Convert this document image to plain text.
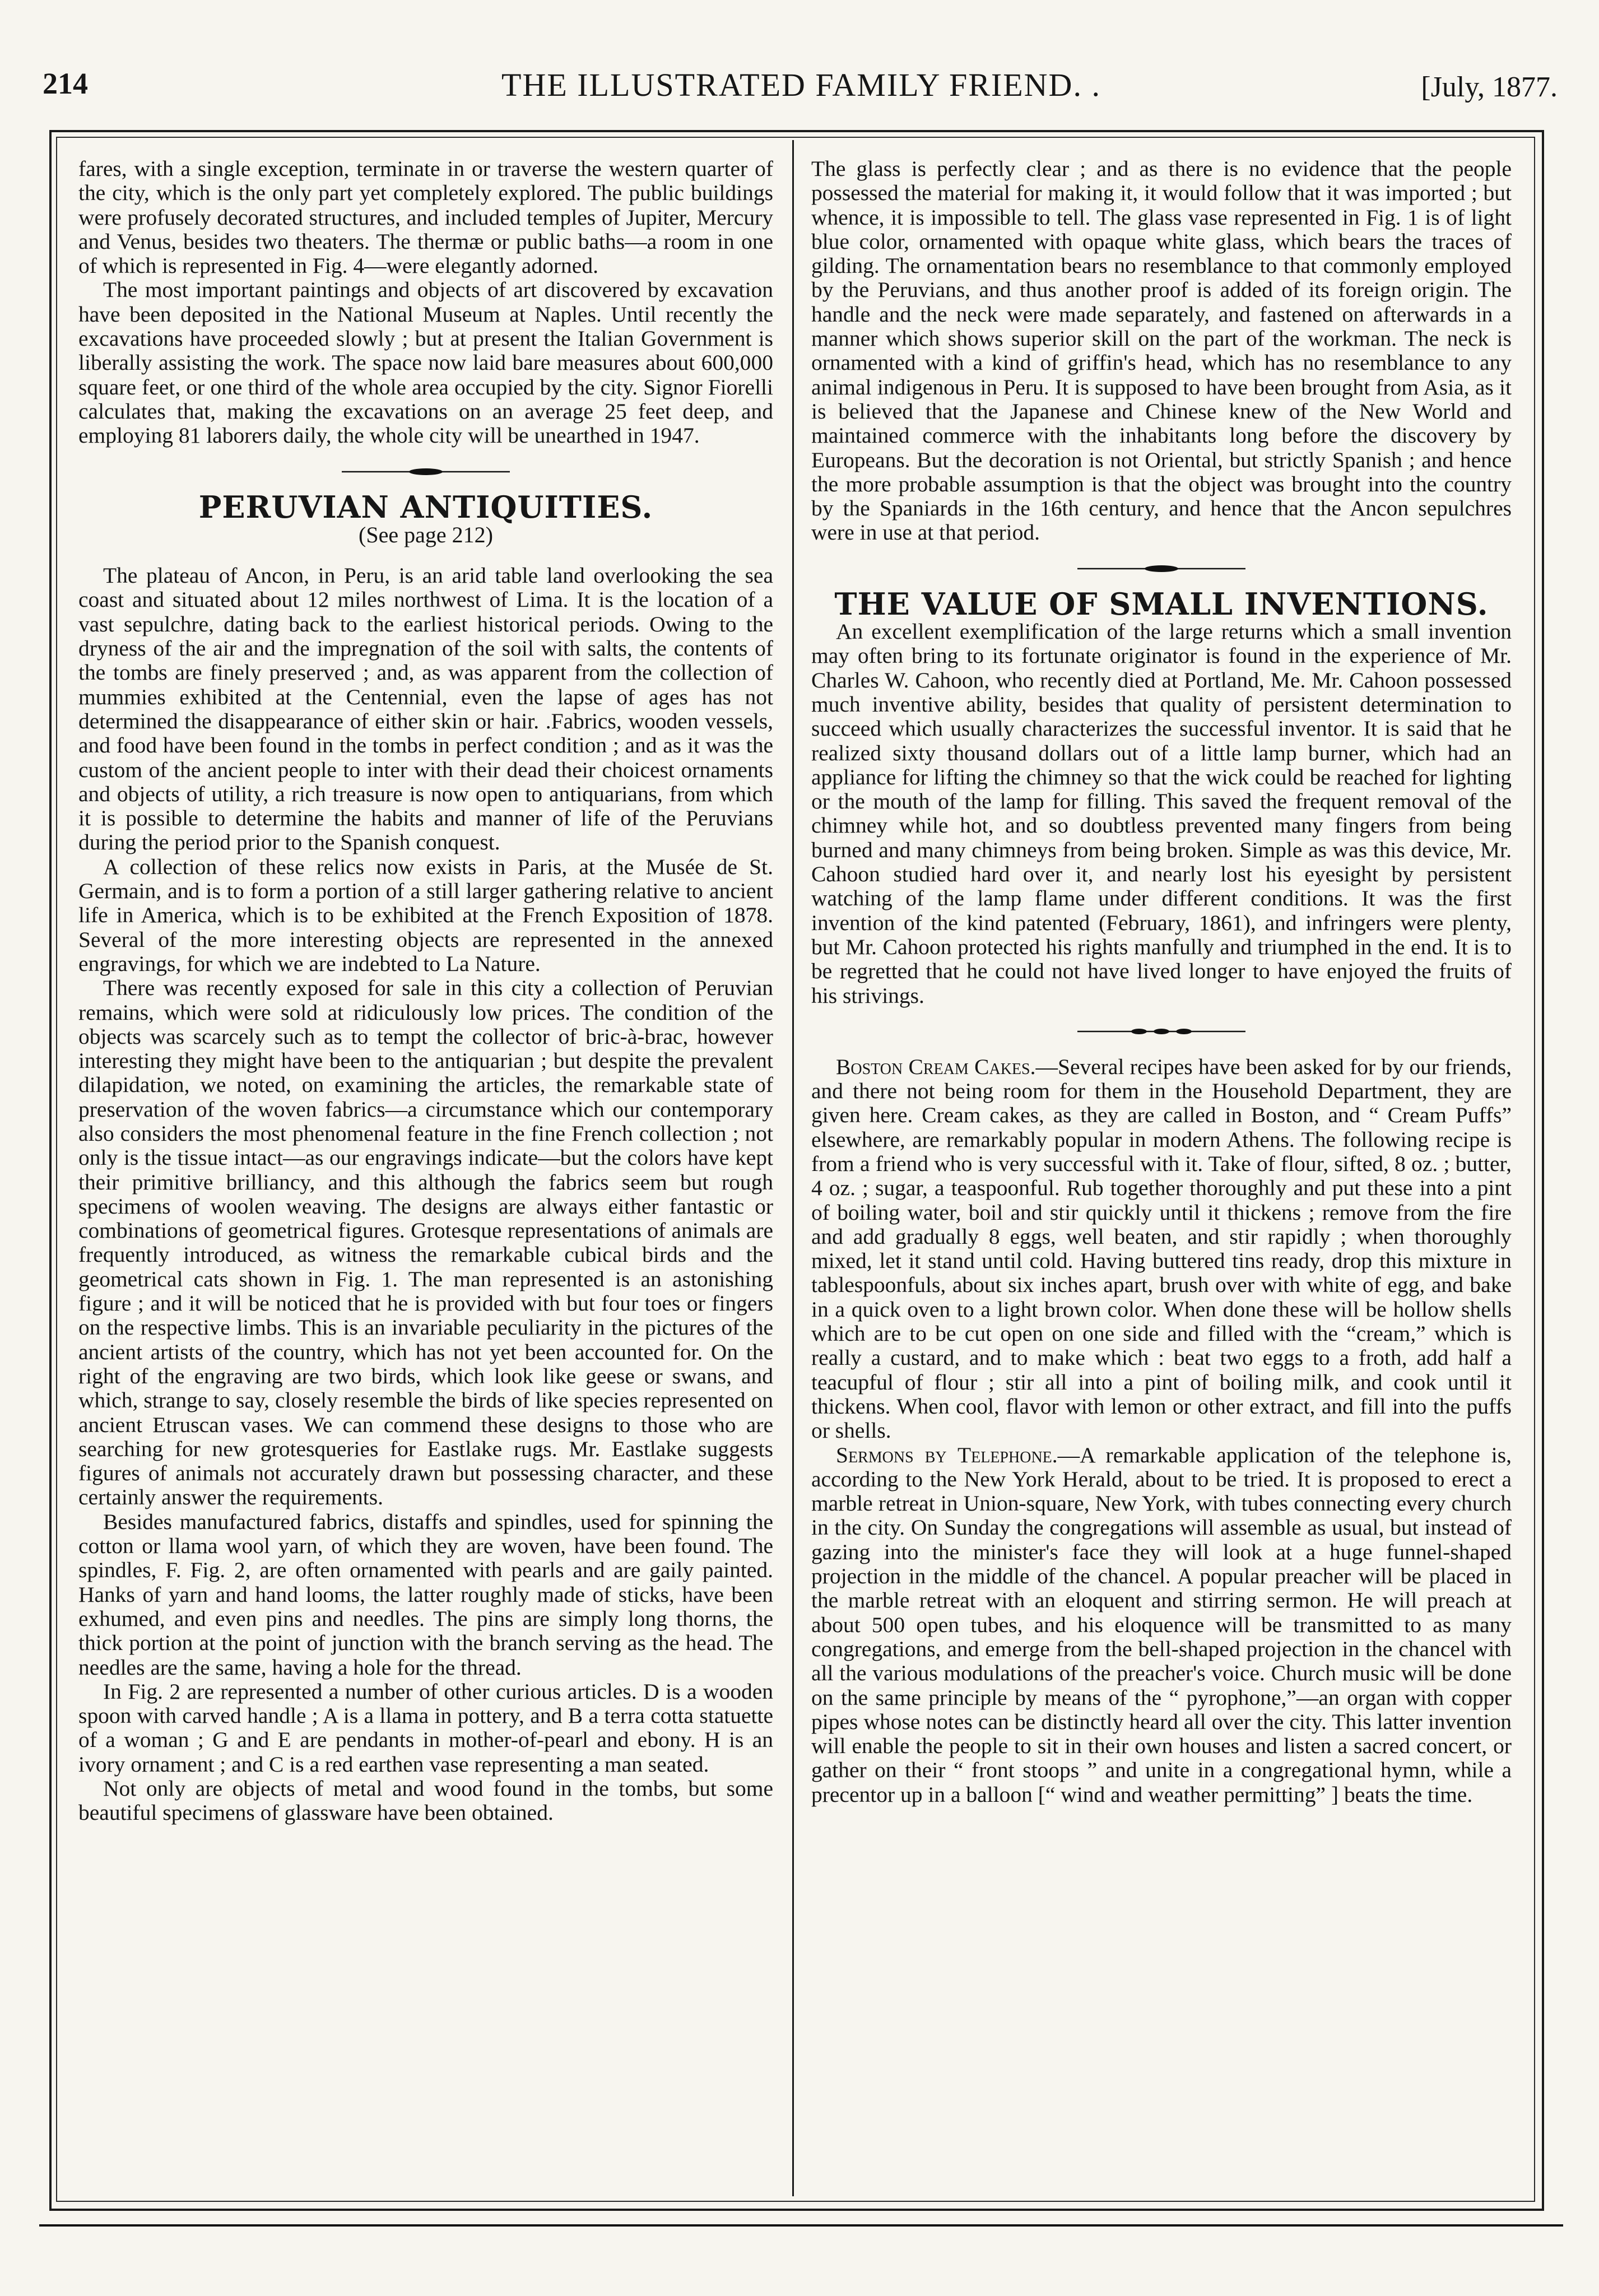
214	THE ILLUSTRATED FAMILY FRIEND. .	[July, 1877.

fares, with a single exception, terminate in or traverse the western quarter of the city, which is the only part yet completely explored. The public buildings were profusely decorated structures, and included temples of Jupiter, Mercury and Venus, besides two theaters. The thermæ or public baths—a room in one of which is represented in Fig. 4—were elegantly adorned.

The most important paintings and objects of art discovered by excavation have been deposited in the National Museum at Naples. Until recently the excavations have proceeded slowly ; but at present the Italian Government is liberally assisting the work. The space now laid bare measures about 600,000 square feet, or one third of the whole area occupied by the city. Signor Fiorelli calculates that, making the excavations on an average 25 feet deep, and employing 81 laborers daily, the whole city will be unearthed in 1947.

PERUVIAN ANTIQUITIES.
(See page 212)

The plateau of Ancon, in Peru, is an arid table land overlooking the sea coast and situated about 12 miles northwest of Lima. It is the location of a vast sepulchre, dating back to the earliest historical periods. Owing to the dryness of the air and the impregnation of the soil with salts, the contents of the tombs are finely preserved ; and, as was apparent from the collection of mummies exhibited at the Centennial, even the lapse of ages has not determined the disappearance of either skin or hair. .Fabrics, wooden vessels, and food have been found in the tombs in perfect condition ; and as it was the custom of the ancient people to inter with their dead their choicest ornaments and objects of utility, a rich treasure is now open to antiquarians, from which it is possible to determine the habits and manner of life of the Peruvians during the period prior to the Spanish conquest.

A collection of these relics now exists in Paris, at the Musée de St. Germain, and is to form a portion of a still larger gathering relative to ancient life in America, which is to be exhibited at the French Exposition of 1878. Several of the more interesting objects are represented in the annexed engravings, for which we are indebted to La Nature.

There was recently exposed for sale in this city a collection of Peruvian remains, which were sold at ridiculously low prices. The condition of the objects was scarcely such as to tempt the collector of bric-à-brac, however interesting they might have been to the antiquarian ; but despite the prevalent dilapidation, we noted, on examining the articles, the remarkable state of preservation of the woven fabrics—a circumstance which our contemporary also considers the most phenomenal feature in the fine French collection ; not only is the tissue intact—as our engravings indicate—but the colors have kept their primitive brilliancy, and this although the fabrics seem but rough specimens of woolen weaving. The designs are always either fantastic or combinations of geometrical figures. Grotesque representations of animals are frequently introduced, as witness the remarkable cubical birds and the geometrical cats shown in Fig. 1. The man represented is an astonishing figure ; and it will be noticed that he is provided with but four toes or fingers on the respective limbs. This is an invariable peculiarity in the pictures of the ancient artists of the country, which has not yet been accounted for. On the right of the engraving are two birds, which look like geese or swans, and which, strange to say, closely resemble the birds of like species represented on ancient Etruscan vases. We can commend these designs to those who are searching for new grotesqueries for Eastlake rugs. Mr. Eastlake suggests figures of animals not accurately drawn but possessing character, and these certainly answer the requirements.

Besides manufactured fabrics, distaffs and spindles, used for spinning the cotton or llama wool yarn, of which they are woven, have been found. The spindles, F. Fig. 2, are often ornamented with pearls and are gaily painted. Hanks of yarn and hand looms, the latter roughly made of sticks, have been exhumed, and even pins and needles. The pins are simply long thorns, the thick portion at the point of junction with the branch serving as the head. The needles are the same, having a hole for the thread.

In Fig. 2 are represented a number of other curious articles. D is a wooden spoon with carved handle ; A is a llama in pottery, and B a terra cotta statuette of a woman ; G and E are pendants in mother-of-pearl and ebony. H is an ivory ornament ; and C is a red earthen vase representing a man seated.

Not only are objects of metal and wood found in the tombs, but some beautiful specimens of glassware have been obtained.

The glass is perfectly clear ; and as there is no evidence that the people possessed the material for making it, it would follow that it was imported ; but whence, it is impossible to tell. The glass vase represented in Fig. 1 is of light blue color, ornamented with opaque white glass, which bears the traces of gilding. The ornamentation bears no resemblance to that commonly employed by the Peruvians, and thus another proof is added of its foreign origin. The handle and the neck were made separately, and fastened on afterwards in a manner which shows superior skill on the part of the workman. The neck is ornamented with a kind of griffin's head, which has no resemblance to any animal indigenous in Peru. It is supposed to have been brought from Asia, as it is believed that the Japanese and Chinese knew of the New World and maintained commerce with the inhabitants long before the discovery by Europeans. But the decoration is not Oriental, but strictly Spanish ; and hence the more probable assumption is that the object was brought into the country by the Spaniards in the 16th century, and hence that the Ancon sepulchres were in use at that period.

THE VALUE OF SMALL INVENTIONS.

An excellent exemplification of the large returns which a small invention may often bring to its fortunate originator is found in the experience of Mr. Charles W. Cahoon, who recently died at Portland, Me. Mr. Cahoon possessed much inventive ability, besides that quality of persistent determination to succeed which usually characterizes the successful inventor. It is said that he realized sixty thousand dollars out of a little lamp burner, which had an appliance for lifting the chimney so that the wick could be reached for lighting or the mouth of the lamp for filling. This saved the frequent removal of the chimney while hot, and so doubtless prevented many fingers from being burned and many chimneys from being broken. Simple as was this device, Mr. Cahoon studied hard over it, and nearly lost his eyesight by persistent watching of the lamp flame under different conditions. It was the first invention of the kind patented (February, 1861), and infringers were plenty, but Mr. Cahoon protected his rights manfully and triumphed in the end. It is to be regretted that he could not have lived longer to have enjoyed the fruits of his strivings.

Boston Cream Cakes.—Several recipes have been asked for by our friends, and there not being room for them in the Household Department, they are given here. Cream cakes, as they are called in Boston, and “ Cream Puffs” elsewhere, are remarkably popular in modern Athens. The following recipe is from a friend who is very successful with it. Take of flour, sifted, 8 oz. ; butter, 4 oz. ; sugar, a teaspoonful. Rub together thoroughly and put these into a pint of boiling water, boil and stir quickly until it thickens ; remove from the fire and add gradually 8 eggs, well beaten, and stir rapidly ; when thoroughly mixed, let it stand until cold. Having buttered tins ready, drop this mixture in tablespoonfuls, about six inches apart, brush over with white of egg, and bake in a quick oven to a light brown color. When done these will be hollow shells which are to be cut open on one side and filled with the “cream,” which is really a custard, and to make which : beat two eggs to a froth, add half a teacupful of flour ; stir all into a pint of boiling milk, and cook until it thickens. When cool, flavor with lemon or other extract, and fill into the puffs or shells.

Sermons by Telephone.—A remarkable application of the telephone is, according to the New York Herald, about to be tried. It is proposed to erect a marble retreat in Union-square, New York, with tubes connecting every church in the city. On Sunday the congregations will assemble as usual, but instead of gazing into the minister's face they will look at a huge funnel-shaped projection in the middle of the chancel. A popular preacher will be placed in the marble retreat with an eloquent and stirring sermon. He will preach at about 500 open tubes, and his eloquence will be transmitted to as many congregations, and emerge from the bell-shaped projection in the chancel with all the various modulations of the preacher's voice. Church music will be done on the same principle by means of the “ pyrophone,”—an organ with copper pipes whose notes can be distinctly heard all over the city. This latter invention will enable the people to sit in their own houses and listen a sacred concert, or gather on their “ front stoops ” and unite in a congregational hymn, while a precentor up in a balloon [“ wind and weather permitting” ] beats the time.
